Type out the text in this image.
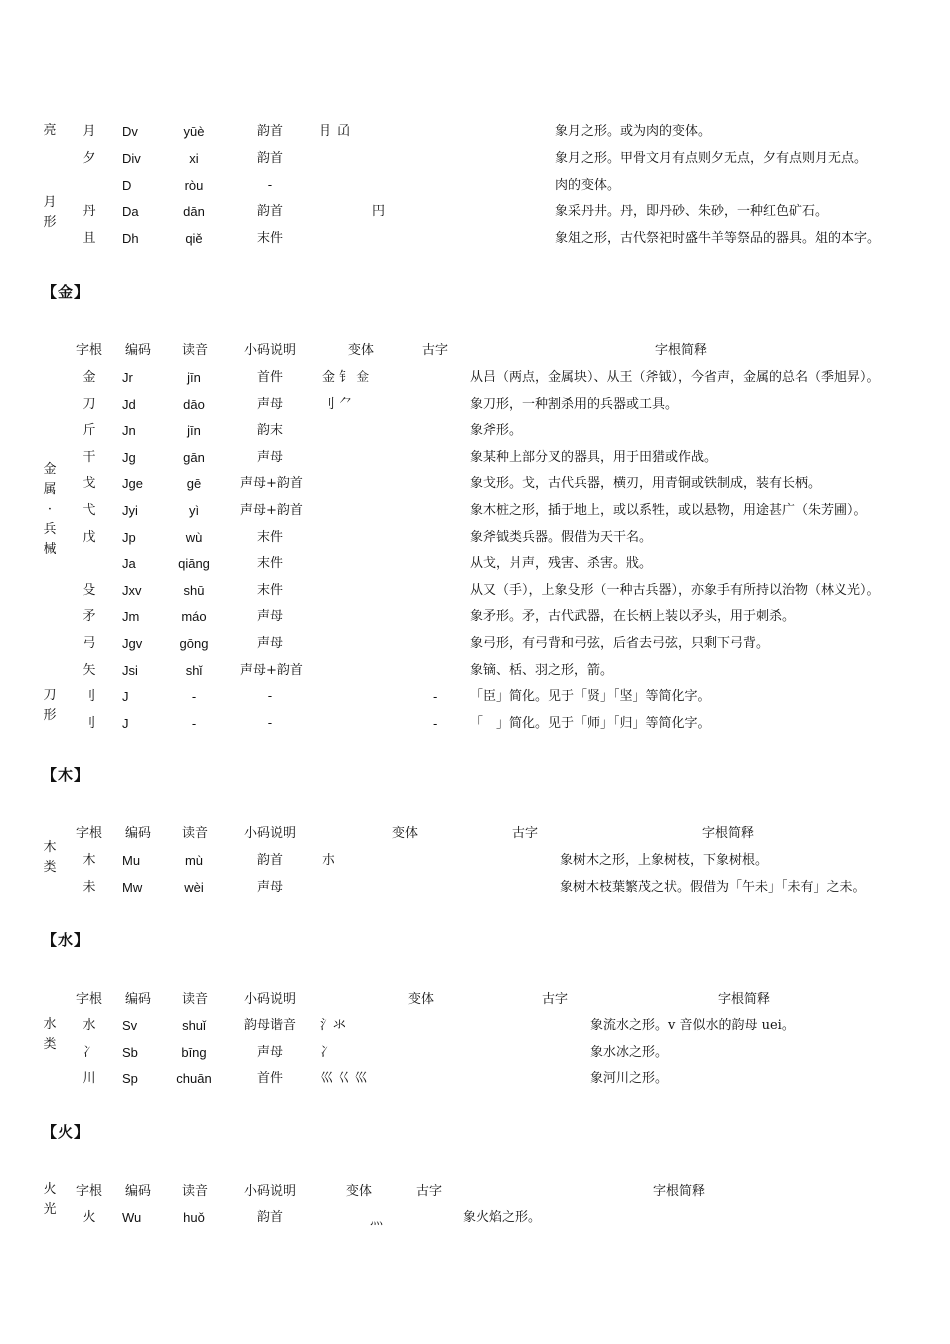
亮
月形
月 Dv	yūè	韵首	⺝ 𠙶	象月之形。或为肉的变体。
夕 Div	xi	韵首	象月之形。甲骨文月有点则夕无点，夕有点则月无点。
D	ròu	-	肉的变体。
丹 Da	dān	韵首	円	象采丹井。丹，即丹砂、朱砂，一种红色矿石。
且 Dh	qiě	末件	象俎之形，古代祭祀时盛牛羊等祭品的器具。俎的本字。
【金】
字根 编码 读音	小码说明	变体	古字	字根简释
金属·兵械
刀形
金 Jr	jīn	首件	金 钅 𨤾	从吕（两点，金属块）、从王（斧钺），今省声，金属的总名（季旭昇）。
刀 Jd	dāo	声母	刂 ⺈	象刀形，一种割杀用的兵器或工具。
斤 Jn	jīn	韵末	象斧形。
干 Jg	gān	声母	象某种上部分叉的器具，用于田猎或作战。
戈 Jge	gē	声母+韵首	象戈形。戈，古代兵器，横刃，用青铜或铁制成，装有长柄。
弋 Jyi	yì	声母+韵首	象木桩之形，插于地上，或以系牲，或以悬物，用途甚广（朱芳圃）。
戊 Jp	wù	末件	象斧钺类兵器。假借为天干名。
Ja	qiāng	末件	从戈，爿声，残害、杀害。戕。
殳 Jxv	shū	末件	从又（手），上象殳形（一种古兵器），亦象手有所持以治物（林义光）。
矛 Jm	máo	声母	象矛形。矛，古代武器，在长柄上装以矛头，用于刺杀。
弓 Jgv	gōng	声母	象弓形，有弓背和弓弦，后省去弓弦，只剩下弓背。
矢 Jsi	shǐ	声母+韵首	象镝、栝、羽之形，箭。
刂 J	-	-	-	「臣」简化。见于「贤」「坚」等简化字。
刂 J	-	-	-	「　」简化。见于「师」「归」等简化字。
【木】
字根 编码 读音	小码说明	变体	古字	字根简释
木类 木 Mu	mù	韵首	朩	象树木之形，上象树枝，下象树根。
未 Mw	wèi	声母	象树木枝葉繁茂之状。假借为「午未」「未有」之未。
【水】
字根 编码 读音	小码说明	变体	古字	字根简释
水类
水 Sv	shuǐ	韵母谐音	氵氺	象流水之形。v 音似水的韵母 uei。
冫 Sb	bīng	声母	冫	象水冰之形。
川 Sp	chuān	首件	巛 巜 巛	象河川之形。
【火】
火光
字根 编码 读音	小码说明	变体	古字	字根简释
火 Wu	huǒ	韵首	灬	象火焰之形。
